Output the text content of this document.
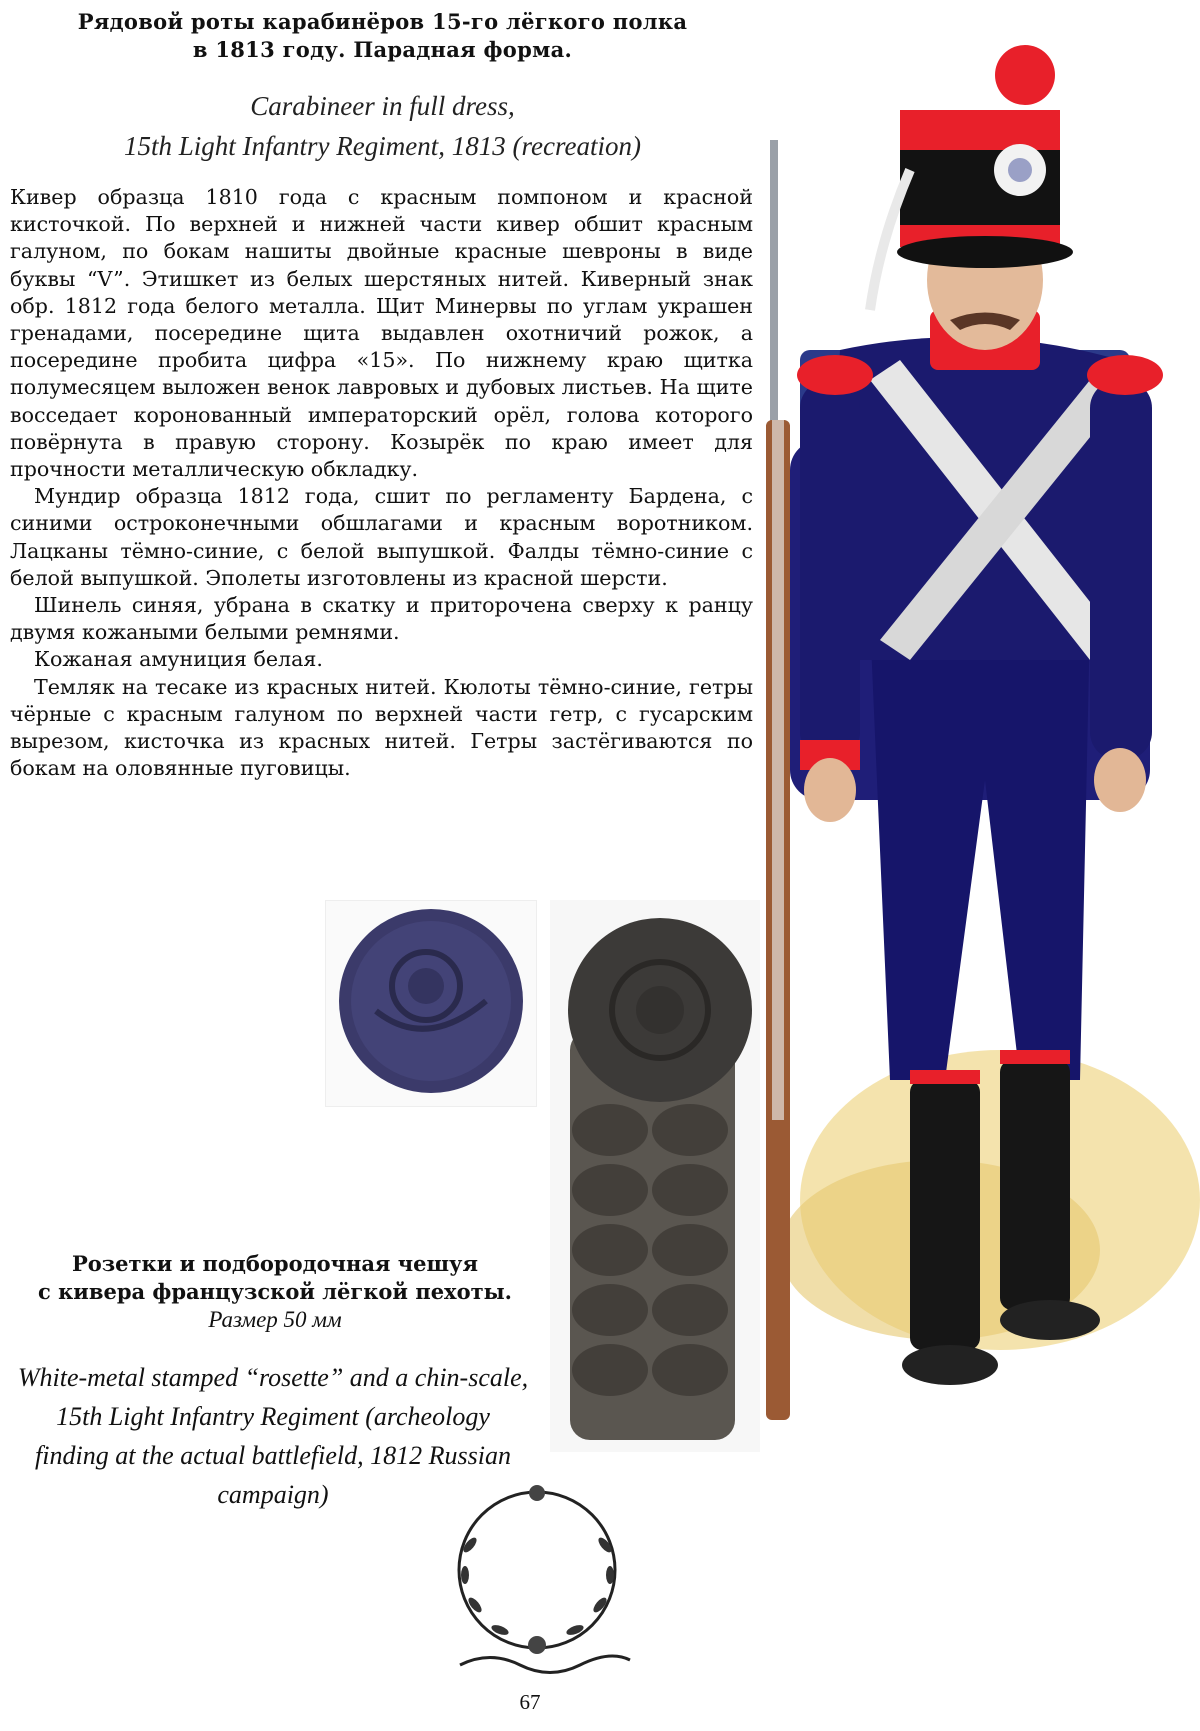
Рядовой роты карабинёров 15-го лёгкого полка
в 1813 году. Парадная форма.
Carabineer in full dress,
15th Light Infantry Regiment, 1813 (recreation)

Кивер образца 1810 года с красным помпоном и красной кисточкой. По верхней и нижней части кивер обшит красным галуном, по бокам нашиты двойные красные шевроны в виде буквы “V”. Этишкет из белых шерстяных нитей. Киверный знак обр. 1812 года белого металла. Щит Минервы по углам украшен гренадами, посередине щита выдавлен охотничий рожок, а посередине пробита цифра «15». По нижнему краю щитка полумесяцем выложен венок лавровых и дубовых листьев. На щите восседает коронованный императорский орёл, голова которого повёрнута в правую сторону. Козырёк по краю имеет для прочности металлическую обкладку.

Мундир образца 1812 года, сшит по регламенту Бардена, с синими остроконечными обшлагами и красным воротником. Лацканы тёмно-синие, с белой выпушкой. Фалды тёмно-синие с белой выпушкой. Эполеты изготовлены из красной шерсти.

Шинель синяя, убрана в скатку и приторочена сверху к ранцу двумя кожаными белыми ремнями.

Кожаная амуниция белая.

Темляк на тесаке из красных нитей. Кюлоты тёмно-синие, гетры чёрные с красным галуном по верхней части гетр, с гусарским вырезом, кисточка из красных нитей. Гетры застёгиваются по бокам на оловянные пуговицы.

Розетки и подбородочная чешуя
с кивера французской лёгкой пехоты.
Размер 50 мм
White-metal stamped “rosette” and a chin-scale,
15th Light Infantry Regiment (archeology
finding at the actual battlefield, 1812 Russian
campaign)
67
